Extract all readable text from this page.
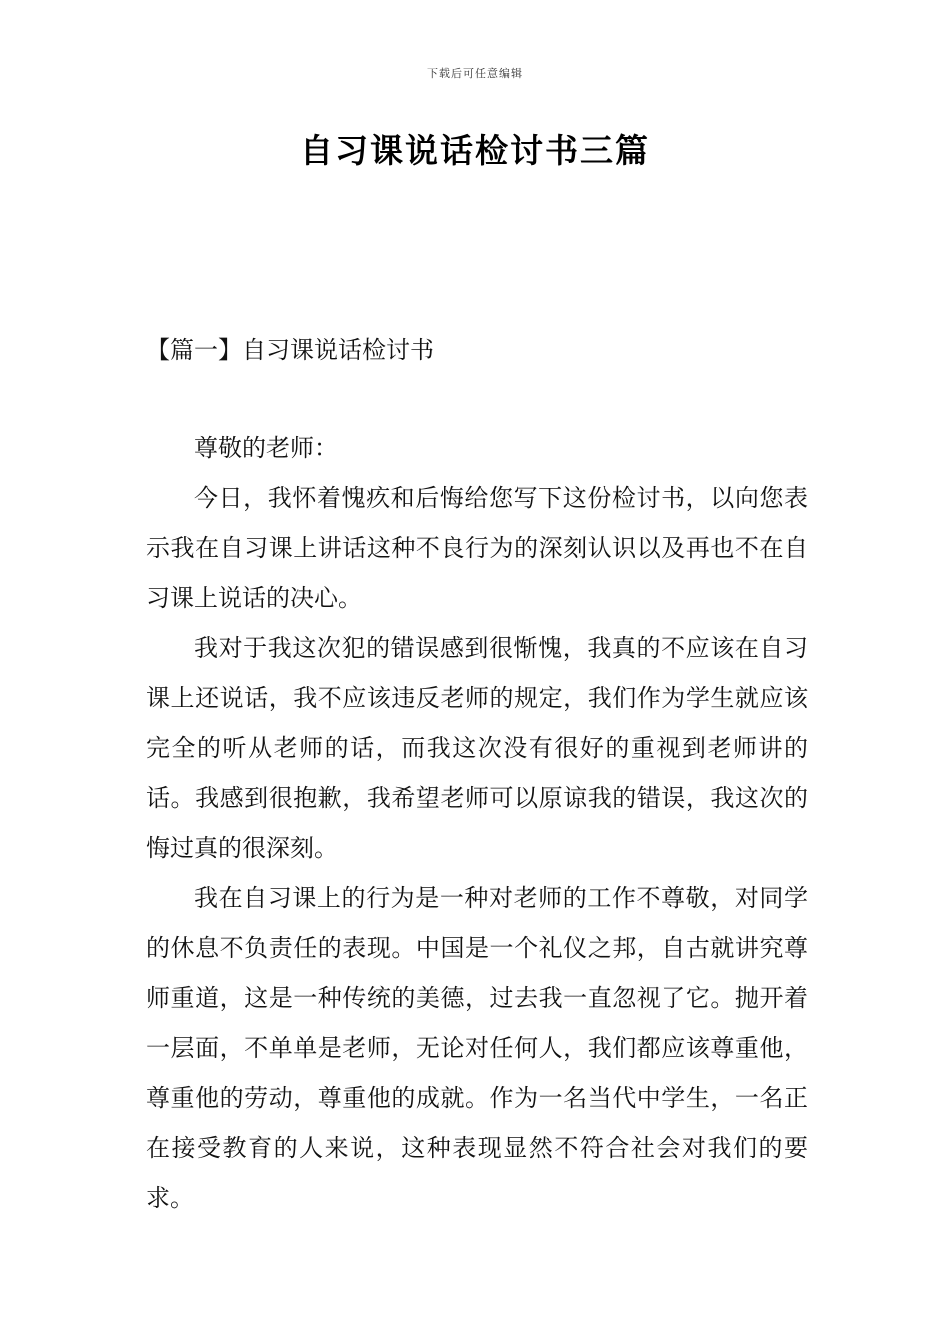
下载后可任意编辑
自习课说话检讨书三篇
【篇一】自习课说话检讨书

尊敬的老师：

今日，我怀着愧疚和后悔给您写下这份检讨书，以向您表示我在自习课上讲话这种不良行为的深刻认识以及再也不在自习课上说话的决心。

我对于我这次犯的错误感到很惭愧，我真的不应该在自习课上还说话，我不应该违反老师的规定，我们作为学生就应该完全的听从老师的话，而我这次没有很好的重视到老师讲的话。我感到很抱歉，我希望老师可以原谅我的错误，我这次的悔过真的很深刻。

我在自习课上的行为是一种对老师的工作不尊敬，对同学的休息不负责任的表现。中国是一个礼仪之邦，自古就讲究尊师重道，这是一种传统的美德，过去我一直忽视了它。抛开着一层面，不单单是老师，无论对任何人，我们都应该尊重他，尊重他的劳动，尊重他的成就。作为一名当代中学生，一名正在接受教育的人来说，这种表现显然不符合社会对我们的要求。
